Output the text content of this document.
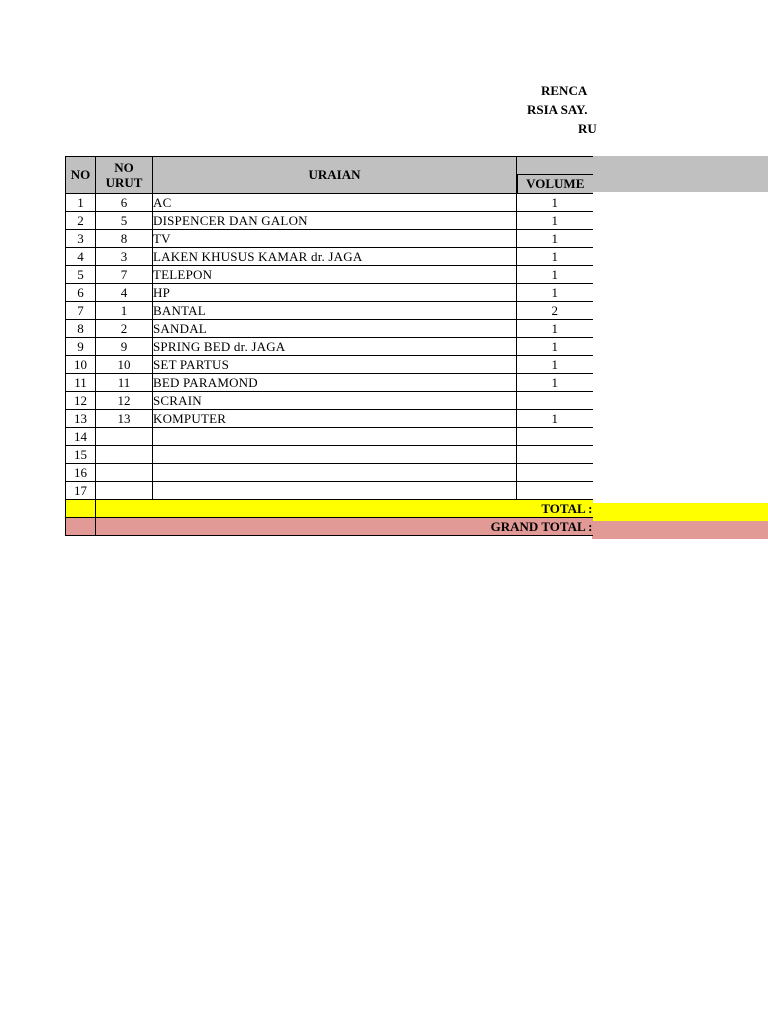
RENCA
RSIA SAY.
RU
NO	NO URUT	URAIAN	VOLUME

1	6	AC	1
2	5	DISPENCER DAN GALON	1
3	8	TV	1
4	3	LAKEN KHUSUS KAMAR dr. JAGA	1
5	7	TELEPON	1
6	4	HP	1
7	1	BANTAL	2
8	2	SANDAL	1
9	9	SPRING BED dr. JAGA	1
10	10	SET PARTUS	1
11	11	BED PARAMOND	1
12	12	SCRAIN	
13	13	KOMPUTER	1
14			
15			
16			
17			
	TOTAL :		
	GRAND TOTAL :		
